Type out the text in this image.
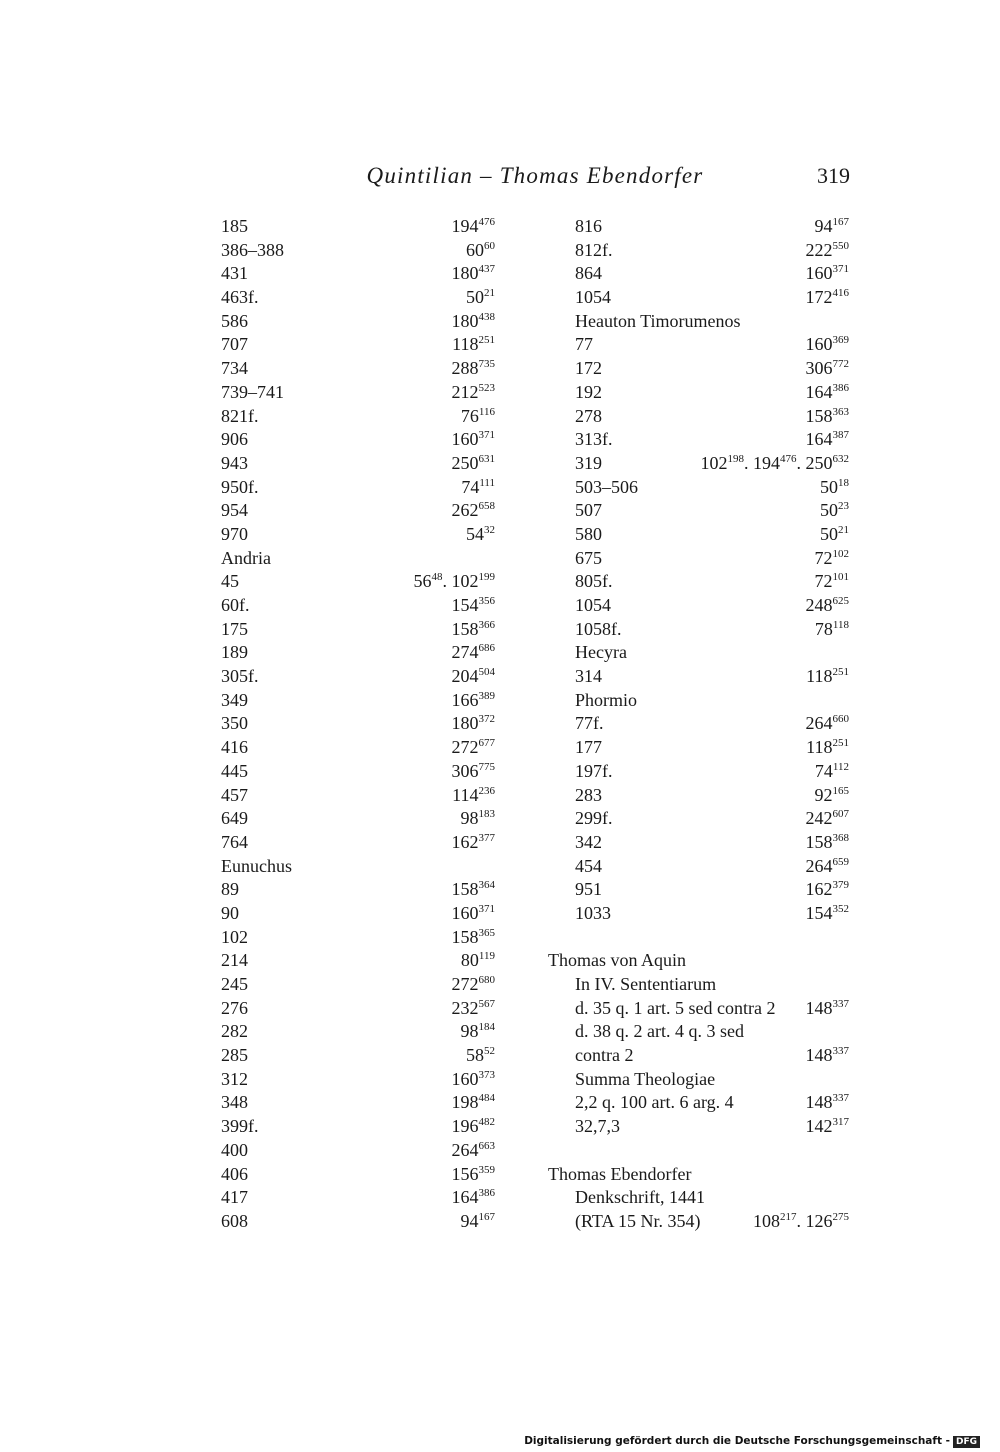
Quintilian – Thomas Ebendorfer	319
185	$194^{476}$
386–388	$60^{60}$
431	$180^{437}$
463f.	$50^{21}$
586	$180^{438}$
707	$118^{251}$
734	$288^{735}$
739–741	$212^{523}$
821f.	$76^{116}$
906	$160^{371}$
943	$250^{631}$
950f.	$74^{111}$
954	$262^{658}$
970	$54^{32}$
Andria
45	$56^{48}$. $102^{199}$
60f.	$154^{356}$
175	$158^{366}$
189	$274^{686}$
305f.	$204^{504}$
349	$166^{389}$
350	$180^{372}$
416	$272^{677}$
445	$306^{775}$
457	$114^{236}$
649	$98^{183}$
764	$162^{377}$
Eunuchus
89	$158^{364}$
90	$160^{371}$
102	$158^{365}$
214	$80^{119}$
245	$272^{680}$
276	$232^{567}$
282	$98^{184}$
285	$58^{52}$
312	$160^{373}$
348	$198^{484}$
399f.	$196^{482}$
400	$264^{663}$
406	$156^{359}$
417	$164^{386}$
608	$94^{167}$
816	$94^{167}$
812f.	$222^{550}$
864	$160^{371}$
1054	$172^{416}$
Heauton Timorumenos
77	$160^{369}$
172	$306^{772}$
192	$164^{386}$
278	$158^{363}$
313f.	$164^{387}$
319	$102^{198}$. $194^{476}$. $250^{632}$
503–506	$50^{18}$
507	$50^{23}$
580	$50^{21}$
675	$72^{102}$
805f.	$72^{101}$
1054	$248^{625}$
1058f.	$78^{118}$
Hecyra
314	$118^{251}$
Phormio
77f.	$264^{660}$
177	$118^{251}$
197f.	$74^{112}$
283	$92^{165}$
299f.	$242^{607}$
342	$158^{368}$
454	$264^{659}$
951	$162^{379}$
1033	$154^{352}$
Thomas von Aquin
In IV. Sententiarum
d. 35 q. 1 art. 5 sed contra 2 $148^{337}$
d. 38 q. 2 art. 4 q. 3 sed
contra 2	$148^{337}$
Summa Theologiae
2,2 q. 100 art. 6 arg. 4	$148^{337}$
32,7,3	$142^{317}$
Thomas Ebendorfer
Denkschrift, 1441
(RTA 15 Nr. 354)	$108^{217}$. $126^{275}$
Digitalisierung gefördert durch die Deutsche Forschungsgemeinschaft - DFG
